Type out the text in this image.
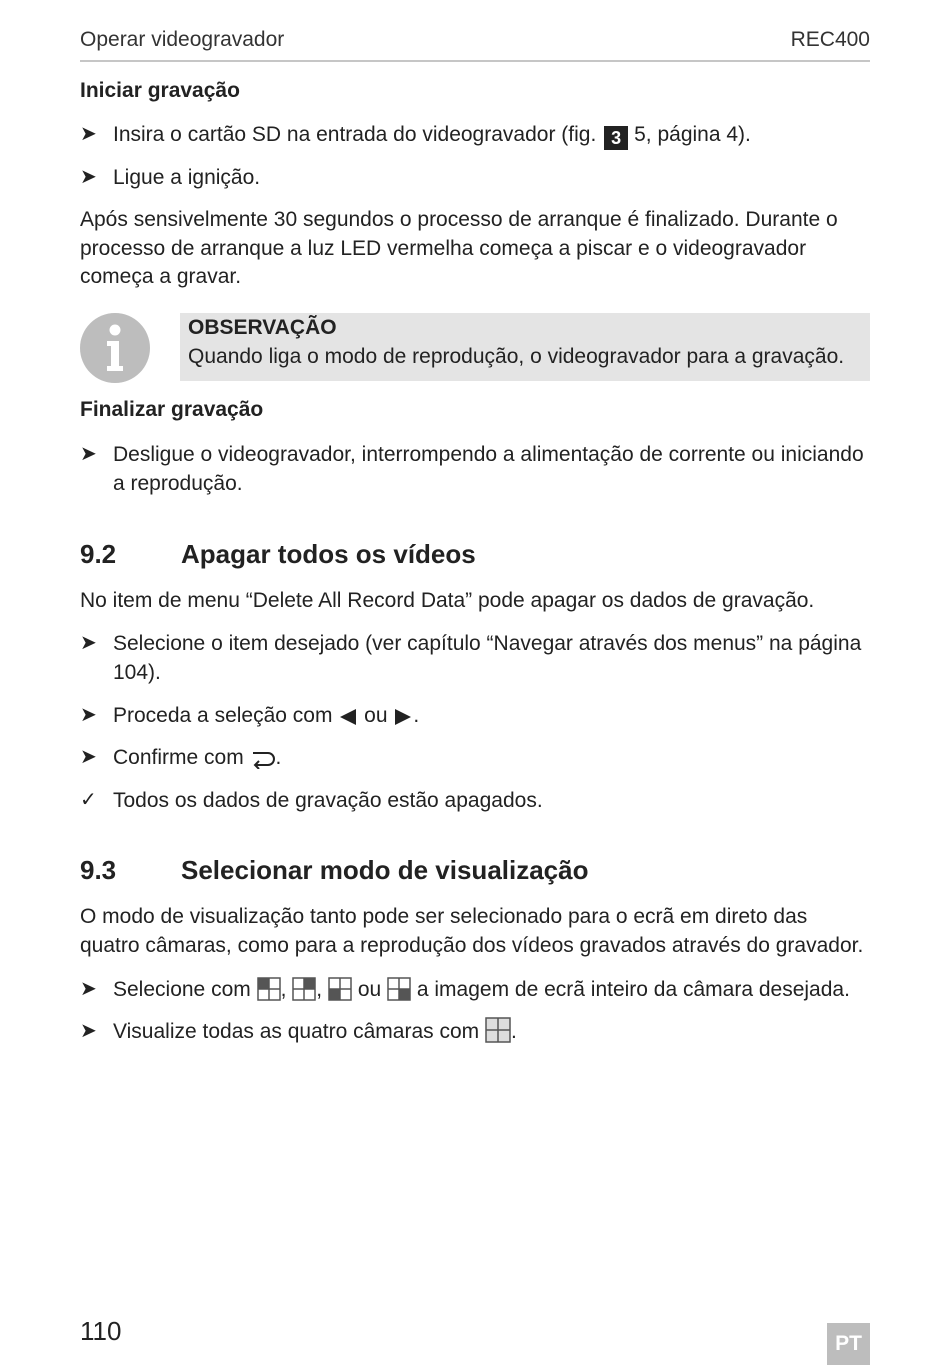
Operar videogravador	REC400
Iniciar gravação
➤ Insira o cartão SD na entrada do videogravador (fig. 3 5, página 4).
➤ Ligue a ignição.
Após sensivelmente 30 segundos o processo de arranque é finalizado. Durante o processo de arranque a luz LED vermelha começa a piscar e o videogravador começa a gravar.
OBSERVAÇÃO
Quando liga o modo de reprodução, o videogravador para a gravação.
Finalizar gravação
➤ Desligue o videogravador, interrompendo a alimentação de corrente ou iniciando a reprodução.
9.2 Apagar todos os vídeos
No item de menu “Delete All Record Data” pode apagar os dados de gravação.
➤ Selecione o item desejado (ver capítulo “Navegar através dos menus” na página 104).
➤ Proceda a seleção com ou .
➤ Confirme com .
✓ Todos os dados de gravação estão apagados.
9.3 Selecionar modo de visualização
O modo de visualização tanto pode ser selecionado para o ecrã em direto das quatro câmaras, como para a reprodução dos vídeos gravados através do gravador.
➤ Selecione com , , ou a imagem de ecrã inteiro da câmara desejada.
➤ Visualize todas as quatro câmaras com .
110	PT
